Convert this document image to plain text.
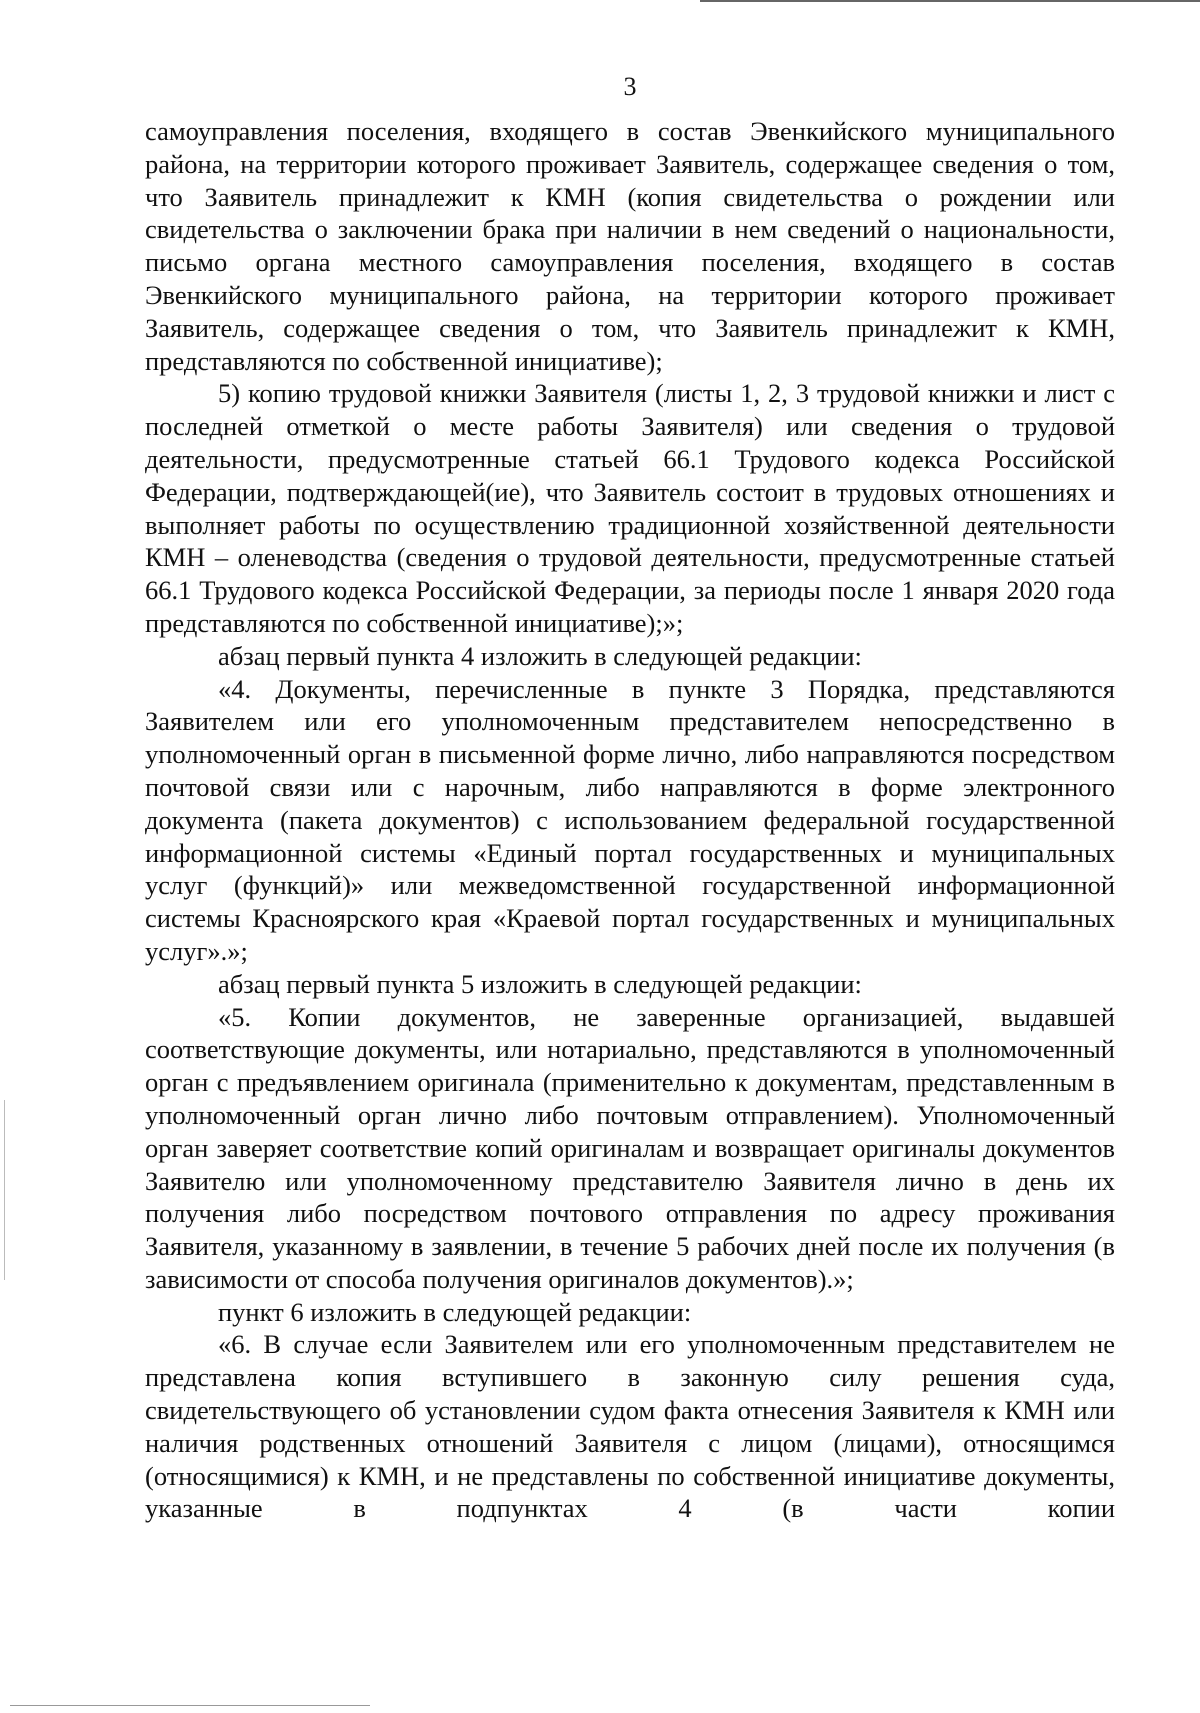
3

самоуправления поселения, входящего в состав Эвенкийского муниципального района, на территории которого проживает Заявитель, содержащее сведения о том, что Заявитель принадлежит к КМН (копия свидетельства о рождении или свидетельства о заключении брака при наличии в нем сведений о национальности, письмо органа местного самоуправления поселения, входящего в состав Эвенкийского муниципального района, на территории которого проживает Заявитель, содержащее сведения о том, что Заявитель принадлежит к КМН, представляются по собственной инициативе);

5) копию трудовой книжки Заявителя (листы 1, 2, 3 трудовой книжки и лист с последней отметкой о месте работы Заявителя) или сведения о трудовой деятельности, предусмотренные статьей 66.1 Трудового кодекса Российской Федерации, подтверждающей(ие), что Заявитель состоит в трудовых отношениях и выполняет работы по осуществлению традиционной хозяйственной деятельности КМН – оленеводства (сведения о трудовой деятельности, предусмотренные статьей 66.1 Трудового кодекса Российской Федерации, за периоды после 1 января 2020 года представляются по собственной инициативе);»;

абзац первый пункта 4 изложить в следующей редакции:

«4. Документы, перечисленные в пункте 3 Порядка, представляются Заявителем или его уполномоченным представителем непосредственно в уполномоченный орган в письменной форме лично, либо направляются посредством почтовой связи или с нарочным, либо направляются в форме электронного документа (пакета документов) с использованием федеральной государственной информационной системы «Единый портал государственных и муниципальных услуг (функций)» или межведомственной государственной информационной системы Красноярского края «Краевой портал государственных и муниципальных услуг».»;

абзац первый пункта 5 изложить в следующей редакции:

«5. Копии документов, не заверенные организацией, выдавшей соответствующие документы, или нотариально, представляются в уполномоченный орган с предъявлением оригинала (применительно к документам, представленным в уполномоченный орган лично либо почтовым отправлением). Уполномоченный орган заверяет соответствие копий оригиналам и возвращает оригиналы документов Заявителю или уполномоченному представителю Заявителя лично в день их получения либо посредством почтового отправления по адресу проживания Заявителя, указанному в заявлении, в течение 5 рабочих дней после их получения (в зависимости от способа получения оригиналов документов).»;

пункт 6 изложить в следующей редакции:

«6. В случае если Заявителем или его уполномоченным представителем не представлена копия вступившего в законную силу решения суда, свидетельствующего об установлении судом факта отнесения Заявителя к КМН или наличия родственных отношений Заявителя с лицом (лицами), относящимся (относящимися) к КМН, и не представлены по собственной инициативе документы, указанные в подпунктах 4 (в части копии
